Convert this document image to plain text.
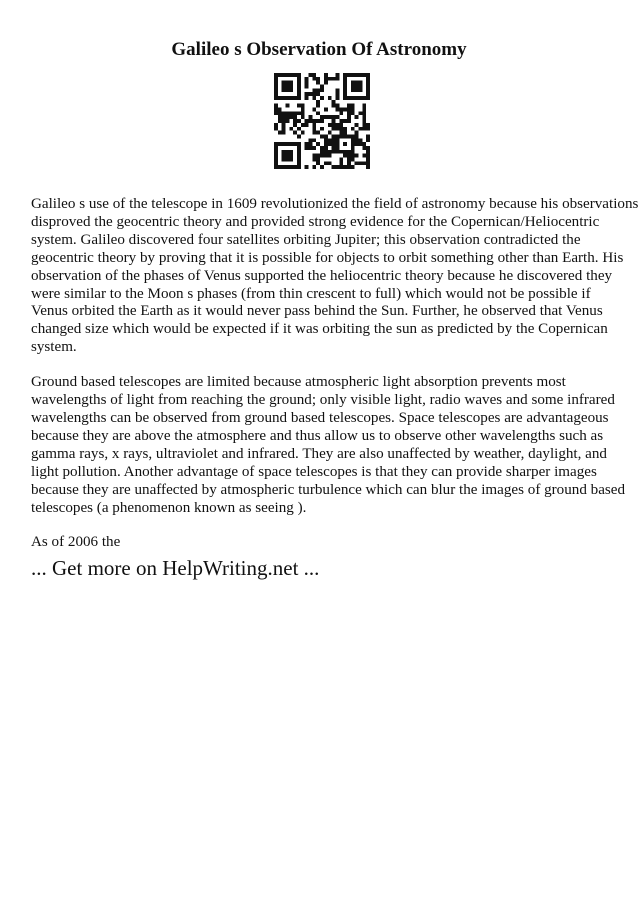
Galileo s Observation Of Astronomy

Galileo s use of the telescope in 1609 revolutionized the field of astronomy because his observations
disproved the geocentric theory and provided strong evidence for the Copernican/Heliocentric
system. Galileo discovered four satellites orbiting Jupiter; this observation contradicted the
geocentric theory by proving that it is possible for objects to orbit something other than Earth. His
observation of the phases of Venus supported the heliocentric theory because he discovered they
were similar to the Moon s phases (from thin crescent to full) which would not be possible if
Venus orbited the Earth as it would never pass behind the Sun. Further, he observed that Venus
changed size which would be expected if it was orbiting the sun as predicted by the Copernican
system.

Ground based telescopes are limited because atmospheric light absorption prevents most
wavelengths of light from reaching the ground; only visible light, radio waves and some infrared
wavelengths can be observed from ground based telescopes. Space telescopes are advantageous
because they are above the atmosphere and thus allow us to observe other wavelengths such as
gamma rays, x rays, ultraviolet and infrared. They are also unaffected by weather, daylight, and
light pollution. Another advantage of space telescopes is that they can provide sharper images
because they are unaffected by atmospheric turbulence which can blur the images of ground based
telescopes (a phenomenon known as seeing ).

As of 2006 the

... Get more on HelpWriting.net ...
